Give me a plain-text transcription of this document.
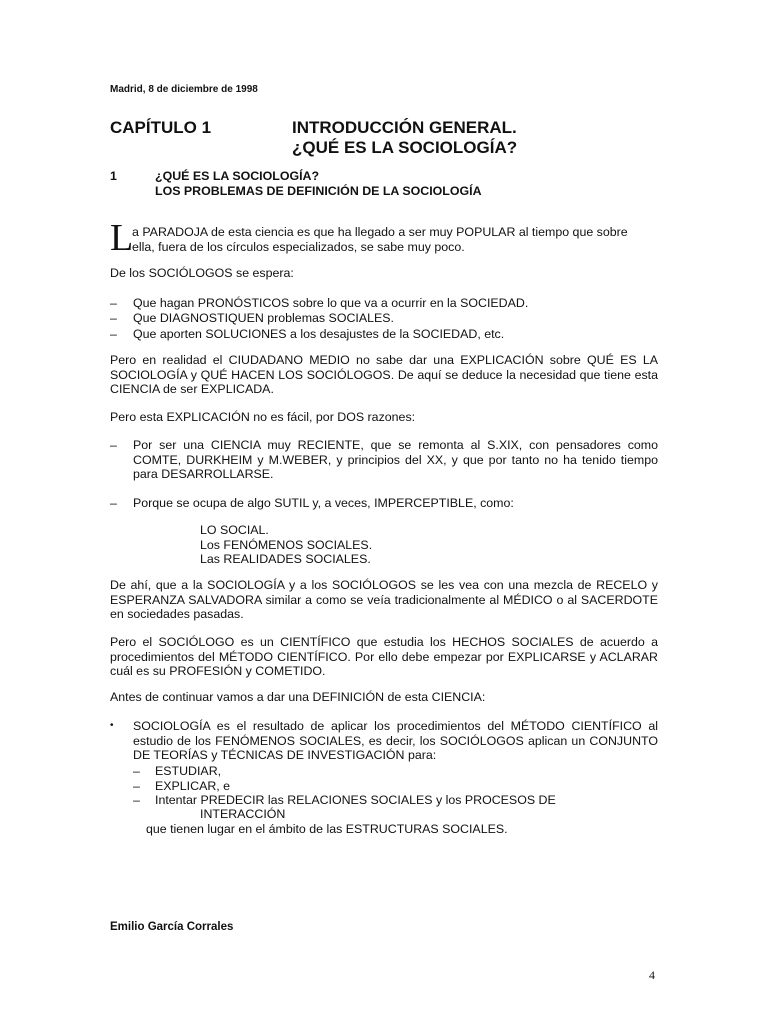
Madrid, 8 de diciembre de 1998
CAPÍTULO 1	INTRODUCCIÓN GENERAL.
¿QUÉ ES LA SOCIOLOGÍA?
1	¿QUÉ ES LA SOCIOLOGÍA?
LOS PROBLEMAS DE DEFINICIÓN DE LA SOCIOLOGÍA
L
a PARADOJA de esta ciencia es que ha llegado a ser muy POPULAR al tiempo que sobre
ella, fuera de los círculos especializados, se sabe muy poco.
De los SOCIÓLOGOS se espera:
– Que hagan PRONÓSTICOS sobre lo que va a ocurrir en la SOCIEDAD.
– Que DIAGNOSTIQUEN problemas SOCIALES.
– Que aporten SOLUCIONES a los desajustes de la SOCIEDAD, etc.
Pero en realidad el CIUDADANO MEDIO no sabe dar una EXPLICACIÓN sobre QUÉ ES LA SOCIOLOGÍA y QUÉ HACEN LOS SOCIÓLOGOS. De aquí se deduce la necesidad que tiene esta CIENCIA de ser EXPLICADA.
Pero esta EXPLICACIÓN no es fácil, por DOS razones:
– Por ser una CIENCIA muy RECIENTE, que se remonta al S.XIX, con pensadores como COMTE, DURKHEIM y M.WEBER, y principios del XX, y que por tanto no ha tenido tiempo para DESARROLLARSE.
– Porque se ocupa de algo SUTIL y, a veces, IMPERCEPTIBLE, como:
LO SOCIAL.
Los FENÓMENOS SOCIALES.
Las REALIDADES SOCIALES.
De ahí, que a la SOCIOLOGÍA y a los SOCIÓLOGOS se les vea con una mezcla de RECELO y ESPERANZA SALVADORA similar a como se veía tradicionalmente al MÉDICO o al SACERDOTE en sociedades pasadas.
Pero el SOCIÓLOGO es un CIENTÍFICO que estudia los HECHOS SOCIALES de acuerdo a procedimientos del MÉTODO CIENTÍFICO. Por ello debe empezar por EXPLICARSE y ACLARAR cuál es su PROFESIÓN y COMETIDO.
Antes de continuar vamos a dar una DEFINICIÓN de esta CIENCIA:
• SOCIOLOGÍA es el resultado de aplicar los procedimientos del MÉTODO CIENTÍFICO al estudio de los FENÓMENOS SOCIALES, es decir, los SOCIÓLOGOS aplican un CONJUNTO DE TEORÍAS y TÉCNICAS DE INVESTIGACIÓN para:
– ESTUDIAR,
– EXPLICAR, e
– Intentar PREDECIR las RELACIONES SOCIALES y los PROCESOS DE
INTERACCIÓN
que tienen lugar en el ámbito de las ESTRUCTURAS SOCIALES.
Emilio García Corrales
4
